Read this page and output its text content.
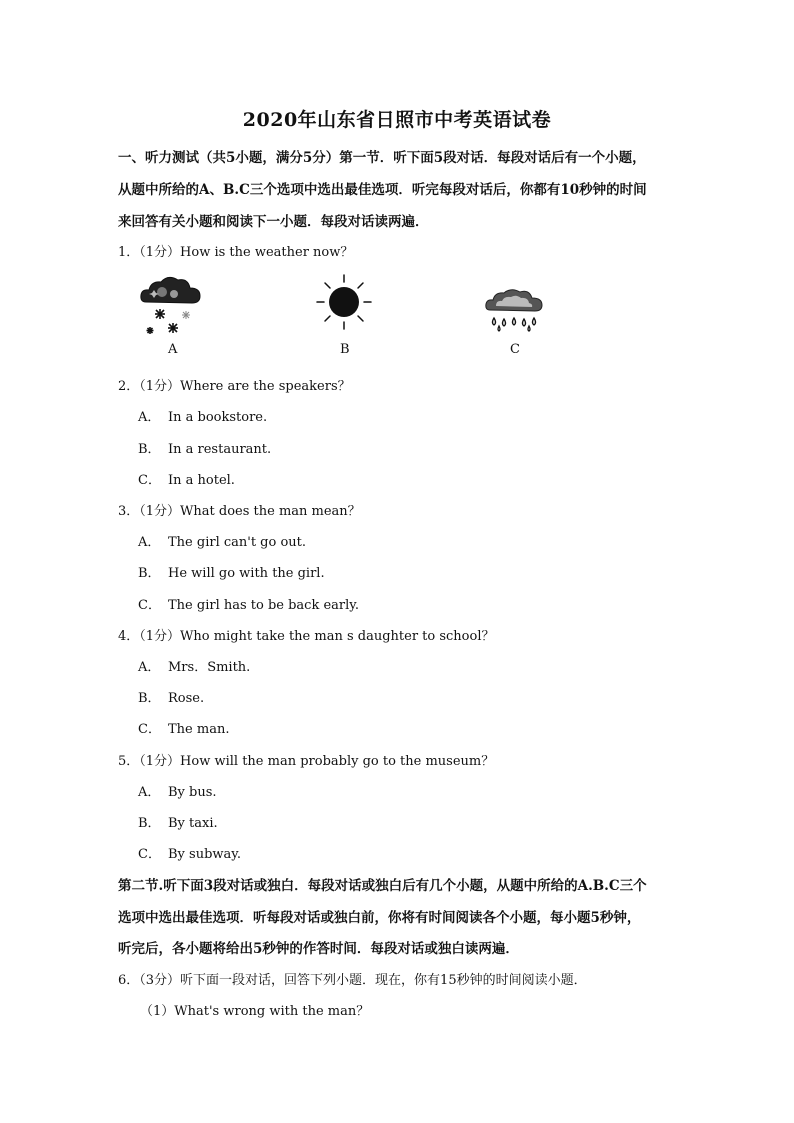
2020年山东省日照市中考英语试卷
一、听力测试（共5小题，满分5分）第一节．听下面5段对话．每段对话后有一个小题，
从题中所给的A、B.C三个选项中选出最佳选项．听完每段对话后，你都有10秒钟的时间
来回答有关小题和阅读下一小题．每段对话读两遍．
1．（1分）How is the weather now？
A	B	C
2．（1分）Where are the speakers？
A． In a bookstore.
B． In a restaurant.
C． In a hotel.
3．（1分）What does the man mean？
A． The girl can't go out.
B． He will go with the girl.
C． The girl has to be back early.
4．（1分）Who might take the man s daughter to school？
A． Mrs．Smith.
B． Rose.
C． The man.
5．（1分）How will the man probably go to the museum？
A． By bus.
B． By taxi.
C． By subway.
第二节.听下面3段对话或独白．每段对话或独白后有几个小题，从题中所给的A.B.C三个
选项中选出最佳选项．听每段对话或独白前，你将有时间阅读各个小题，每小题5秒钟，
听完后，各小题将给出5秒钟的作答时间．每段对话或独白读两遍．
6．（3分）听下面一段对话，回答下列小题．现在，你有15秒钟的时间阅读小题．
（1）What's wrong with the man？
